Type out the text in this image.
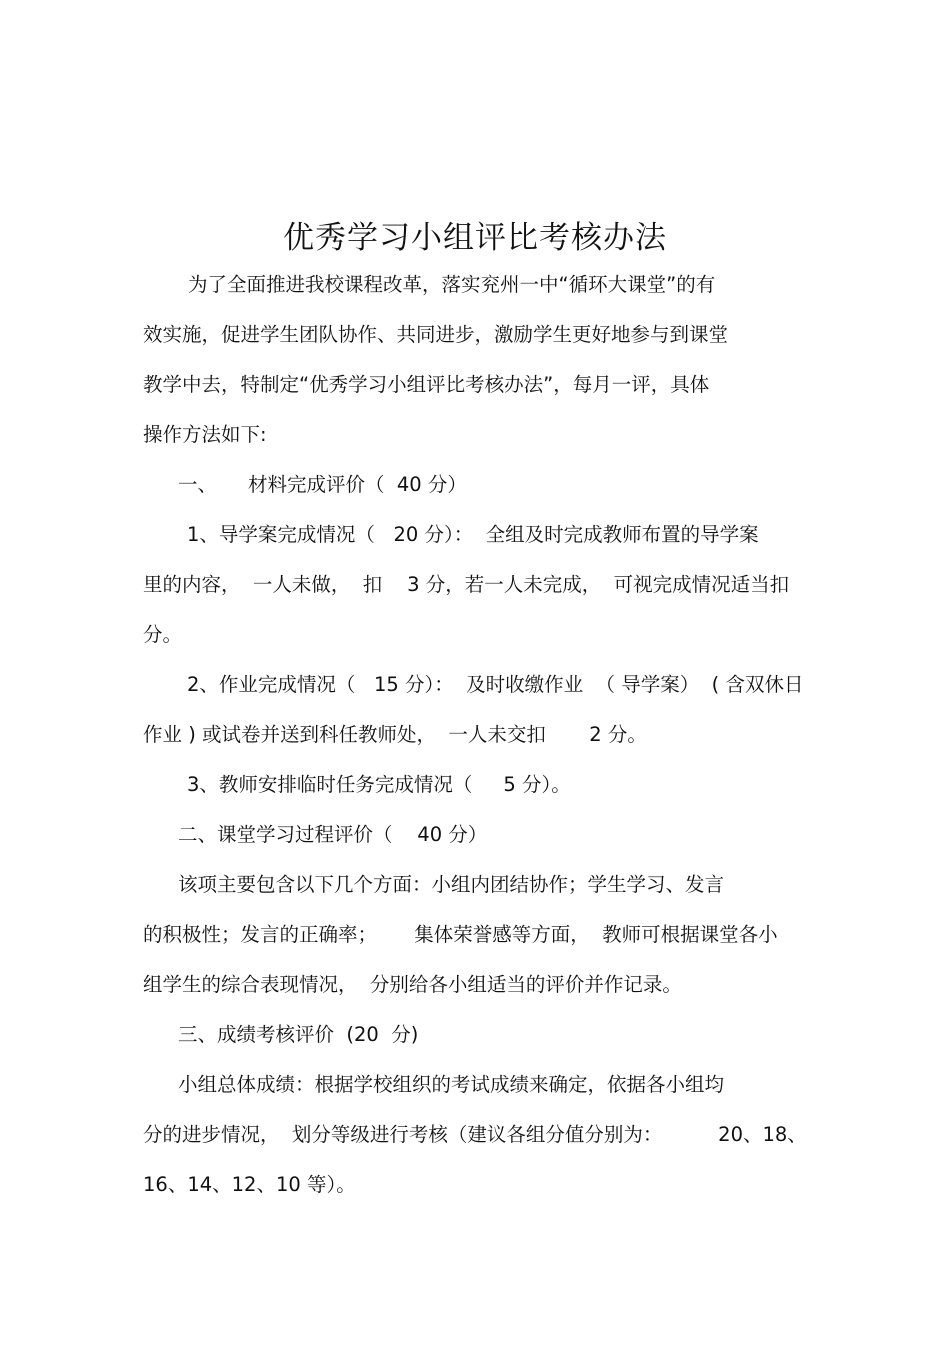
优秀学习小组评比考核办法

为了全面推进我校课程改革，落实兖州一中“循环大课堂”的有

效实施，促进学生团队协作、共同进步，激励学生更好地参与到课堂

教学中去，特制定“优秀学习小组评比考核办法”，每月一评，具体

操作方法如下:

一、     材料完成评价（  40 分）

1、导学案完成情况（   20 分）：  全组及时完成教师布置的导学案

里的内容，  一人未做，  扣    3 分，若一人未完成，  可视完成情况适当扣

分。

2、作业完成情况（   15 分）：  及时收缴作业  （ 导学案）  ( 含双休日

作业 ) 或试卷并送到科任教师处，  一人未交扣       2 分。

3、教师安排临时任务完成情况（     5 分）。

二、课堂学习过程评价（    40 分）

该项主要包含以下几个方面：小组内团结协作；学生学习、发言

的积极性；发言的正确率；      集体荣誉感等方面，  教师可根据课堂各小

组学生的综合表现情况，  分别给各小组适当的评价并作记录。

三、成绩考核评价  (20  分)

小组总体成绩：根据学校组织的考试成绩来确定，依据各小组均

分的进步情况，  划分等级进行考核（建议各组分值分别为：         20、18、

16、14、12、10 等）。
